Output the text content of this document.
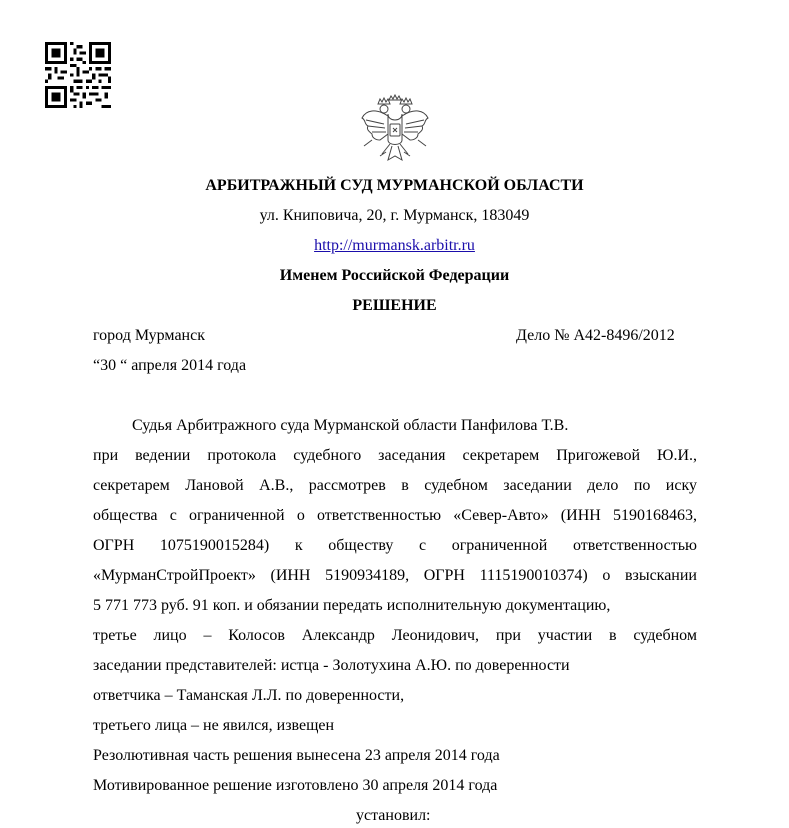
АРБИТРАЖНЫЙ СУД МУРМАНСКОЙ ОБЛАСТИ
ул. Книповича, 20, г. Мурманск, 183049
http://murmansk.arbitr.ru
Именем Российской Федерации
РЕШЕНИЕ
город Мурманск	Дело № А42-8496/2012
“30 “ апреля 2014 года
Судья Арбитражного суда Мурманской области Панфилова Т.В.
при ведении протокола судебного заседания секретарем Пригожевой Ю.И.,
секретарем Лановой А.В., рассмотрев в судебном заседании дело по иску
общества с ограниченной о ответственностью «Север-Авто» (ИНН 5190168463,
ОГРН 1075190015284) к обществу с ограниченной ответственностью
«МурманСтройПроект» (ИНН 5190934189, ОГРН 1115190010374) о взыскании
5 771 773 руб. 91 коп. и обязании передать исполнительную документацию,
третье лицо – Колосов Александр Леонидович, при участии в судебном
заседании представителей: истца - Золотухина А.Ю. по доверенности
ответчика – Таманская Л.Л. по доверенности,
третьего лица – не явился, извещен
Резолютивная часть решения вынесена 23 апреля 2014 года
Мотивированное решение изготовлено 30 апреля 2014 года
установил:
